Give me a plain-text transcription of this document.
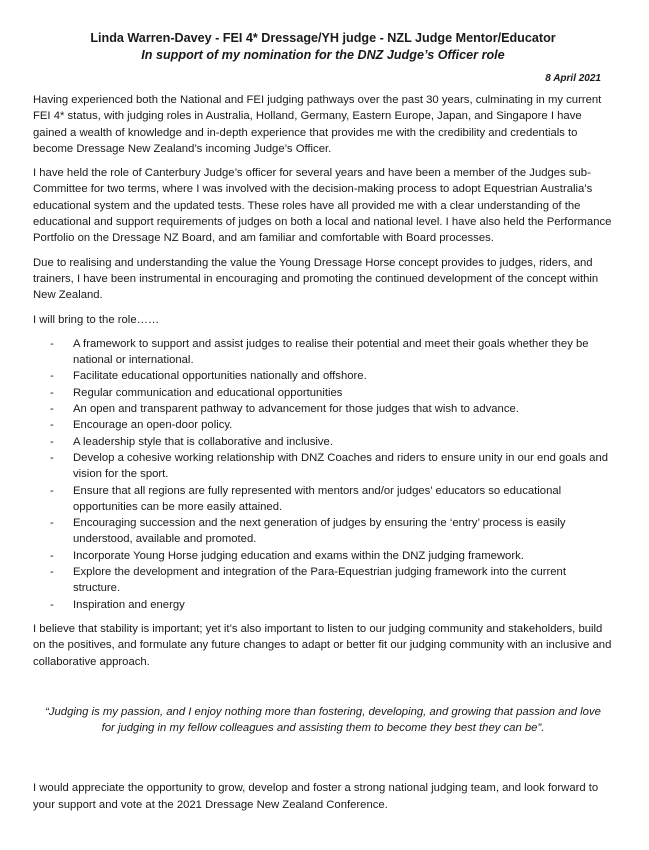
Linda Warren-Davey - FEI 4* Dressage/YH judge - NZL Judge Mentor/Educator
In support of my nomination for the DNZ Judge’s Officer role
8 April 2021

Having experienced both the National and FEI judging pathways over the past 30 years, culminating in my current FEI 4* status, with judging roles in Australia, Holland, Germany, Eastern Europe, Japan, and Singapore I have gained a wealth of knowledge and in-depth experience that provides me with the credibility and credentials to become Dressage New Zealand’s incoming Judge’s Officer.

I have held the role of Canterbury Judge’s officer for several years and have been a member of the Judges sub-Committee for two terms, where I was involved with the decision-making process to adopt Equestrian Australia’s educational system and the updated tests. These roles have all provided me with a clear understanding of the educational and support requirements of judges on both a local and national level. I have also held the Performance Portfolio on the Dressage NZ Board, and am familiar and comfortable with Board processes.

Due to realising and understanding the value the Young Dressage Horse concept provides to judges, riders, and trainers, I have been instrumental in encouraging and promoting the continued development of the concept within New Zealand.

I will bring to the role……

- A framework to support and assist judges to realise their potential and meet their goals whether they be national or international.
- Facilitate educational opportunities nationally and offshore.
- Regular communication and educational opportunities
- An open and transparent pathway to advancement for those judges that wish to advance.
- Encourage an open-door policy.
- A leadership style that is collaborative and inclusive.
- Develop a cohesive working relationship with DNZ Coaches and riders to ensure unity in our end goals and vision for the sport.
- Ensure that all regions are fully represented with mentors and/or judges’ educators so educational opportunities can be more easily attained.
- Encouraging succession and the next generation of judges by ensuring the ‘entry’ process is easily understood, available and promoted.
- Incorporate Young Horse judging education and exams within the DNZ judging framework.
- Explore the development and integration of the Para-Equestrian judging framework into the current structure.
- Inspiration and energy

I believe that stability is important; yet it’s also important to listen to our judging community and stakeholders, build on the positives, and formulate any future changes to adapt or better fit our judging community with an inclusive and collaborative approach.

“Judging is my passion, and I enjoy nothing more than fostering, developing, and growing that passion and love for judging in my fellow colleagues and assisting them to become they best they can be”.

I would appreciate the opportunity to grow, develop and foster a strong national judging team, and look forward to your support and vote at the 2021 Dressage New Zealand Conference.
